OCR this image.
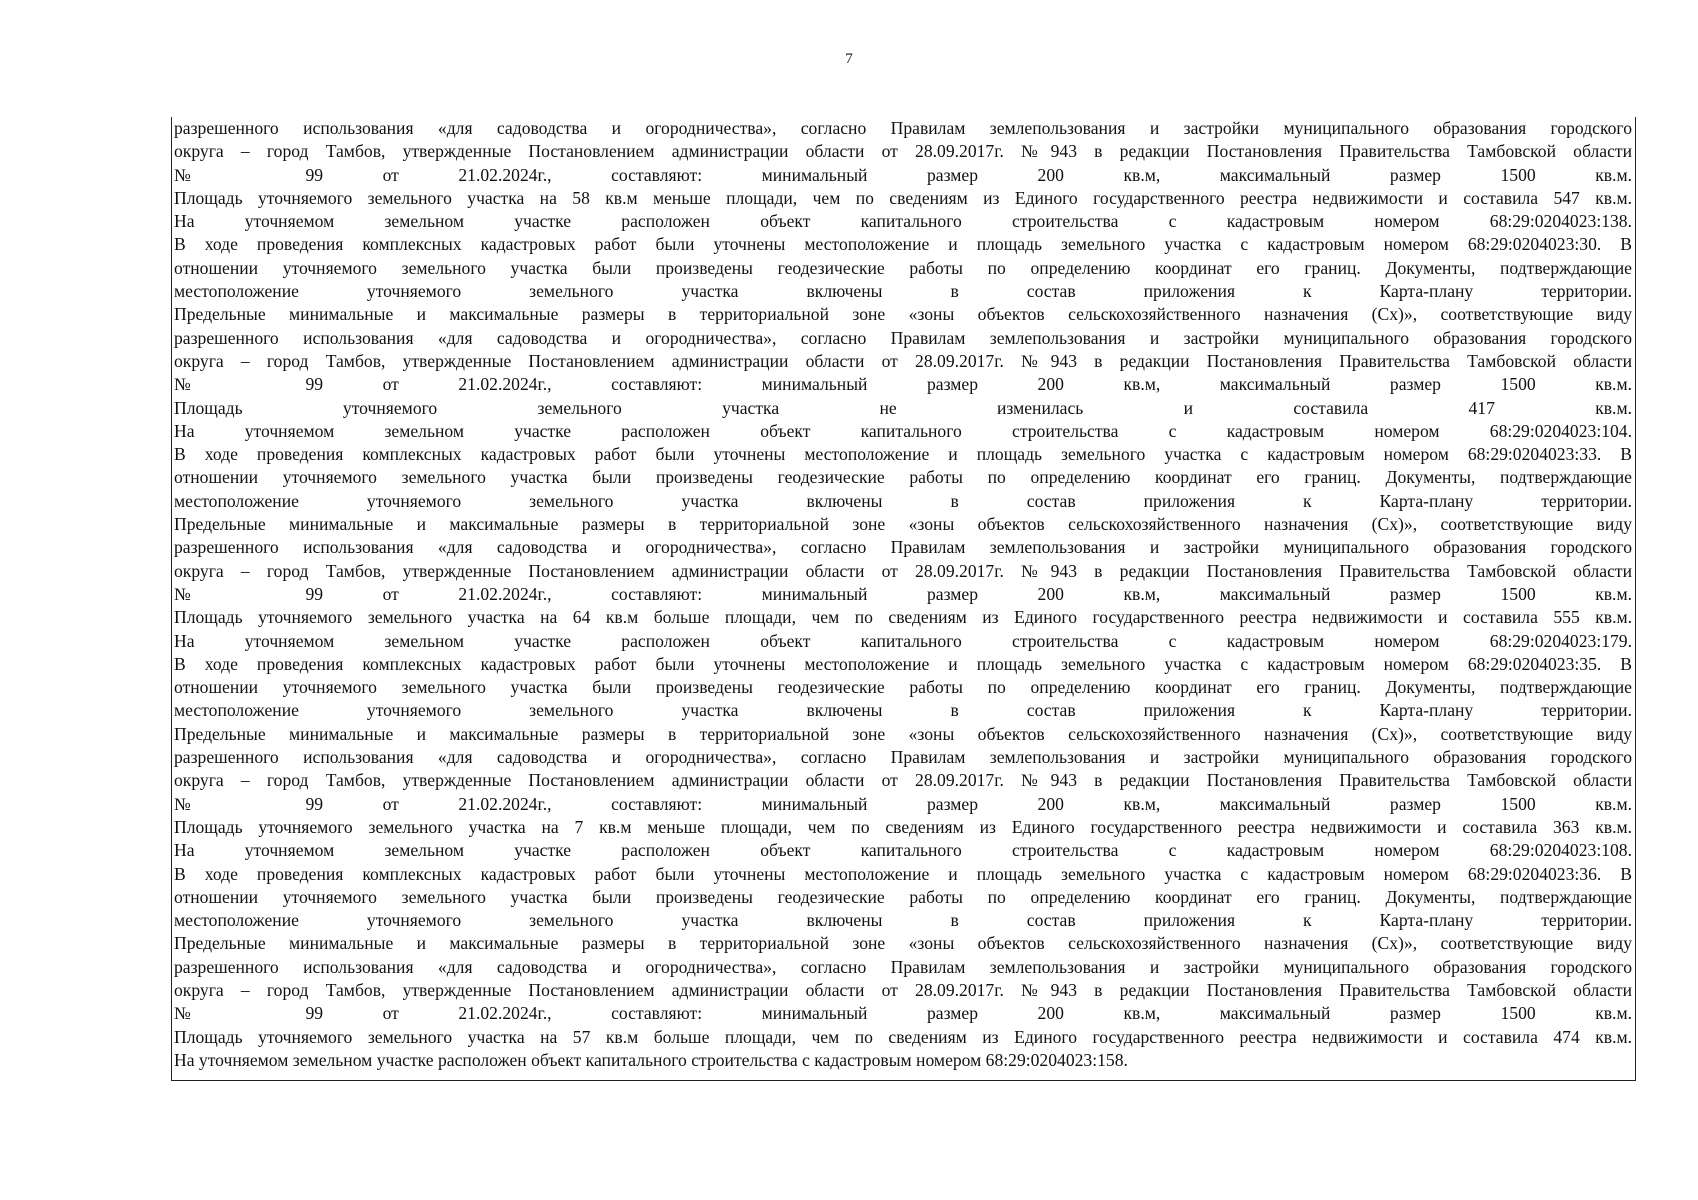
7
разрешенного использования «для садоводства и огородничества», согласно Правилам землепользования и застройки муниципального образования городского
округа – город Тамбов, утвержденные Постановлением администрации области от 28.09.2017г. №943 в редакции Постановления Правительства Тамбовской области
№ 99 от 21.02.2024г., составляют: минимальный размер 200 кв.м, максимальный размер 1500 кв.м.
Площадь уточняемого земельного участка на 58 кв.м меньше площади, чем по сведениям из Единого государственного реестра недвижимости и составила 547 кв.м.
На уточняемом земельном участке расположен объект капитального строительства с кадастровым номером 68:29:0204023:138.
В ходе проведения комплексных кадастровых работ были уточнены местоположение и площадь земельного участка с кадастровым номером 68:29:0204023:30. В
отношении уточняемого земельного участка были произведены геодезические работы по определению координат его границ. Документы, подтверждающие
местоположение уточняемого земельного участка включены в состав приложения к Карта-плану территории.
Предельные минимальные и максимальные размеры в территориальной зоне «зоны объектов сельскохозяйственного назначения (Сх)», соответствующие виду
разрешенного использования «для садоводства и огородничества», согласно Правилам землепользования и застройки муниципального образования городского
округа – город Тамбов, утвержденные Постановлением администрации области от 28.09.2017г. №943 в редакции Постановления Правительства Тамбовской области
№ 99 от 21.02.2024г., составляют: минимальный размер 200 кв.м, максимальный размер 1500 кв.м.
Площадь уточняемого земельного участка не изменилась и составила 417 кв.м.
На уточняемом земельном участке расположен объект капитального строительства с кадастровым номером 68:29:0204023:104.
В ходе проведения комплексных кадастровых работ были уточнены местоположение и площадь земельного участка с кадастровым номером 68:29:0204023:33. В
отношении уточняемого земельного участка были произведены геодезические работы по определению координат его границ. Документы, подтверждающие
местоположение уточняемого земельного участка включены в состав приложения к Карта-плану территории.
Предельные минимальные и максимальные размеры в территориальной зоне «зоны объектов сельскохозяйственного назначения (Сх)», соответствующие виду
разрешенного использования «для садоводства и огородничества», согласно Правилам землепользования и застройки муниципального образования городского
округа – город Тамбов, утвержденные Постановлением администрации области от 28.09.2017г. №943 в редакции Постановления Правительства Тамбовской области
№ 99 от 21.02.2024г., составляют: минимальный размер 200 кв.м, максимальный размер 1500 кв.м.
Площадь уточняемого земельного участка на 64 кв.м больше площади, чем по сведениям из Единого государственного реестра недвижимости и составила 555 кв.м.
На уточняемом земельном участке расположен объект капитального строительства с кадастровым номером 68:29:0204023:179.
В ходе проведения комплексных кадастровых работ были уточнены местоположение и площадь земельного участка с кадастровым номером 68:29:0204023:35. В
отношении уточняемого земельного участка были произведены геодезические работы по определению координат его границ. Документы, подтверждающие
местоположение уточняемого земельного участка включены в состав приложения к Карта-плану территории.
Предельные минимальные и максимальные размеры в территориальной зоне «зоны объектов сельскохозяйственного назначения (Сх)», соответствующие виду
разрешенного использования «для садоводства и огородничества», согласно Правилам землепользования и застройки муниципального образования городского
округа – город Тамбов, утвержденные Постановлением администрации области от 28.09.2017г. №943 в редакции Постановления Правительства Тамбовской области
№ 99 от 21.02.2024г., составляют: минимальный размер 200 кв.м, максимальный размер 1500 кв.м.
Площадь уточняемого земельного участка на 7 кв.м меньше площади, чем по сведениям из Единого государственного реестра недвижимости и составила 363 кв.м.
На уточняемом земельном участке расположен объект капитального строительства с кадастровым номером 68:29:0204023:108.
В ходе проведения комплексных кадастровых работ были уточнены местоположение и площадь земельного участка с кадастровым номером 68:29:0204023:36. В
отношении уточняемого земельного участка были произведены геодезические работы по определению координат его границ. Документы, подтверждающие
местоположение уточняемого земельного участка включены в состав приложения к Карта-плану территории.
Предельные минимальные и максимальные размеры в территориальной зоне «зоны объектов сельскохозяйственного назначения (Сх)», соответствующие виду
разрешенного использования «для садоводства и огородничества», согласно Правилам землепользования и застройки муниципального образования городского
округа – город Тамбов, утвержденные Постановлением администрации области от 28.09.2017г. №943 в редакции Постановления Правительства Тамбовской области
№ 99 от 21.02.2024г., составляют: минимальный размер 200 кв.м, максимальный размер 1500 кв.м.
Площадь уточняемого земельного участка на 57 кв.м больше площади, чем по сведениям из Единого государственного реестра недвижимости и составила 474 кв.м.
На уточняемом земельном участке расположен объект капитального строительства с кадастровым номером 68:29:0204023:158.
